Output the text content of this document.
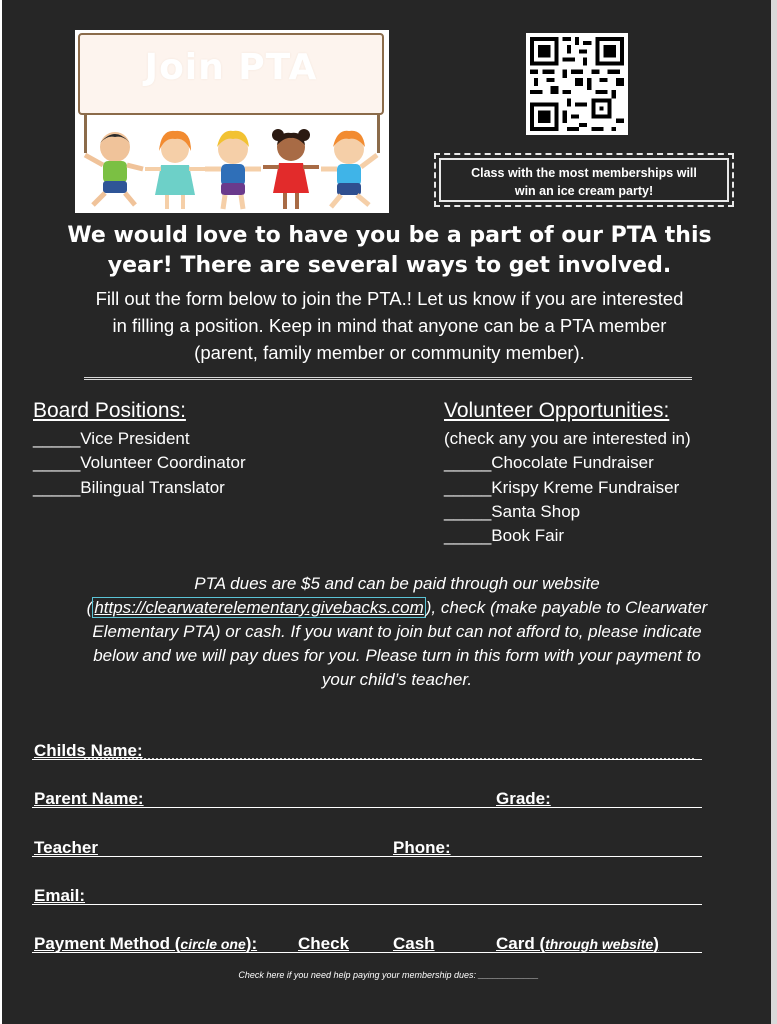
Join PTA
Class with the most memberships will
win an ice cream party!
We would love to have you be a part of our PTA this
year! There are several ways to get involved.
Fill out the form below to join the PTA.! Let us know if you are interested
in filling a position. Keep in mind that anyone can be a PTA member
(parent, family member or community member).
Board Positions:
_____Vice President
_____Volunteer Coordinator
_____Bilingual Translator
Volunteer Opportunities:
(check any you are interested in)
_____Chocolate Fundraiser
_____Krispy Kreme Fundraiser
_____Santa Shop
_____Book Fair
PTA dues are $5 and can be paid through our website
( https://clearwaterelementary.givebacks.com ), check (make payable to Clearwater
Elementary PTA) or cash. If you want to join but can not afford to, please indicate
below and we will pay dues for you. Please turn in this form with your payment to
your child’s teacher.
Childs Name:
Parent Name:	Grade:
Teacher	Phone:
Email:
Payment Method (circle one): Check	Cash	Card (through website)
Check here if you need help paying your membership dues: ____________
